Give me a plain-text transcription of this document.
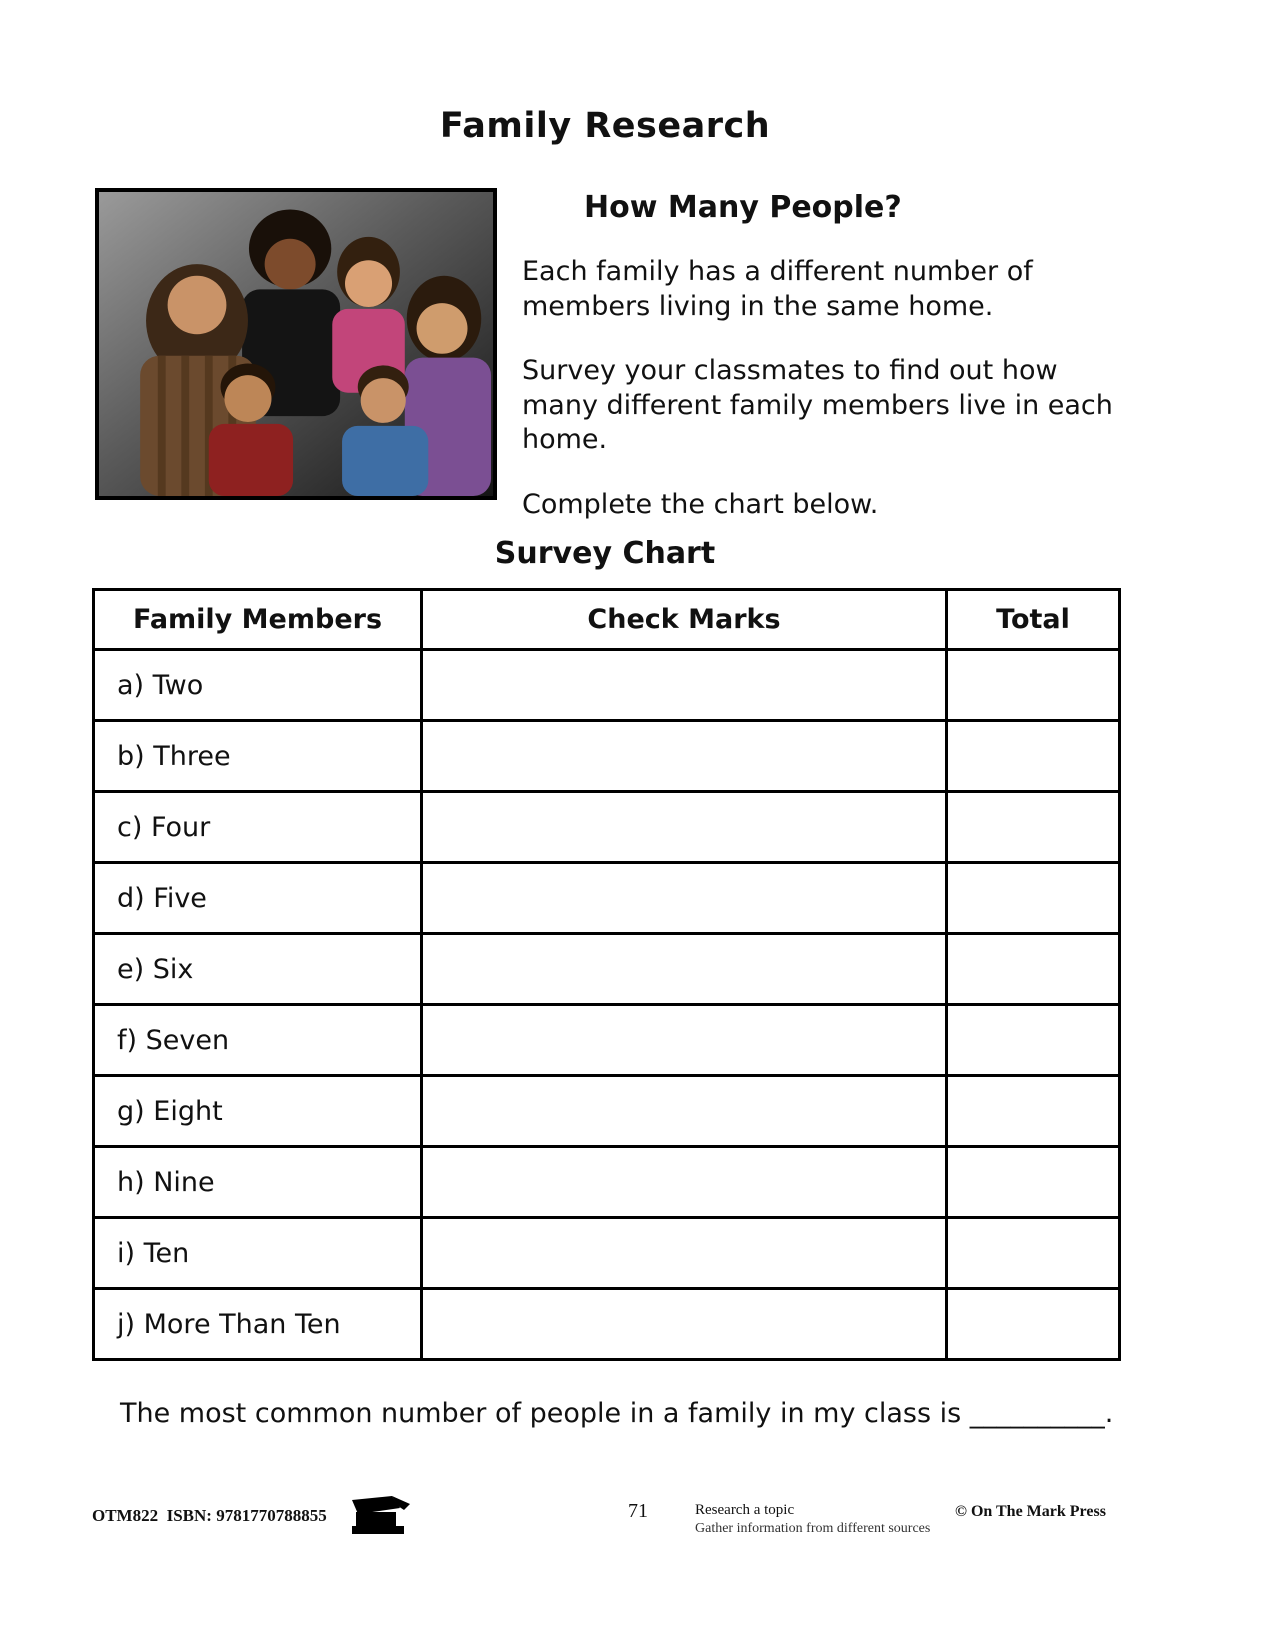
Family Research
How Many People?

Each family has a different number of members living in the same home.

Survey your classmates to find out how many different family members live in each home.

Complete the chart below.

Survey Chart
Family Members	Check Marks	Total
a) Two		
b) Three		
c) Four		
d) Five		
e) Six		
f) Seven		
g) Eight		
h) Nine		
i) Ten		
j) More Than Ten		

The most common number of people in a family in my class is __________.

OTM822  ISBN: 9781770788855	71	Research a topic
Gather information from different sources
© On The Mark Press
